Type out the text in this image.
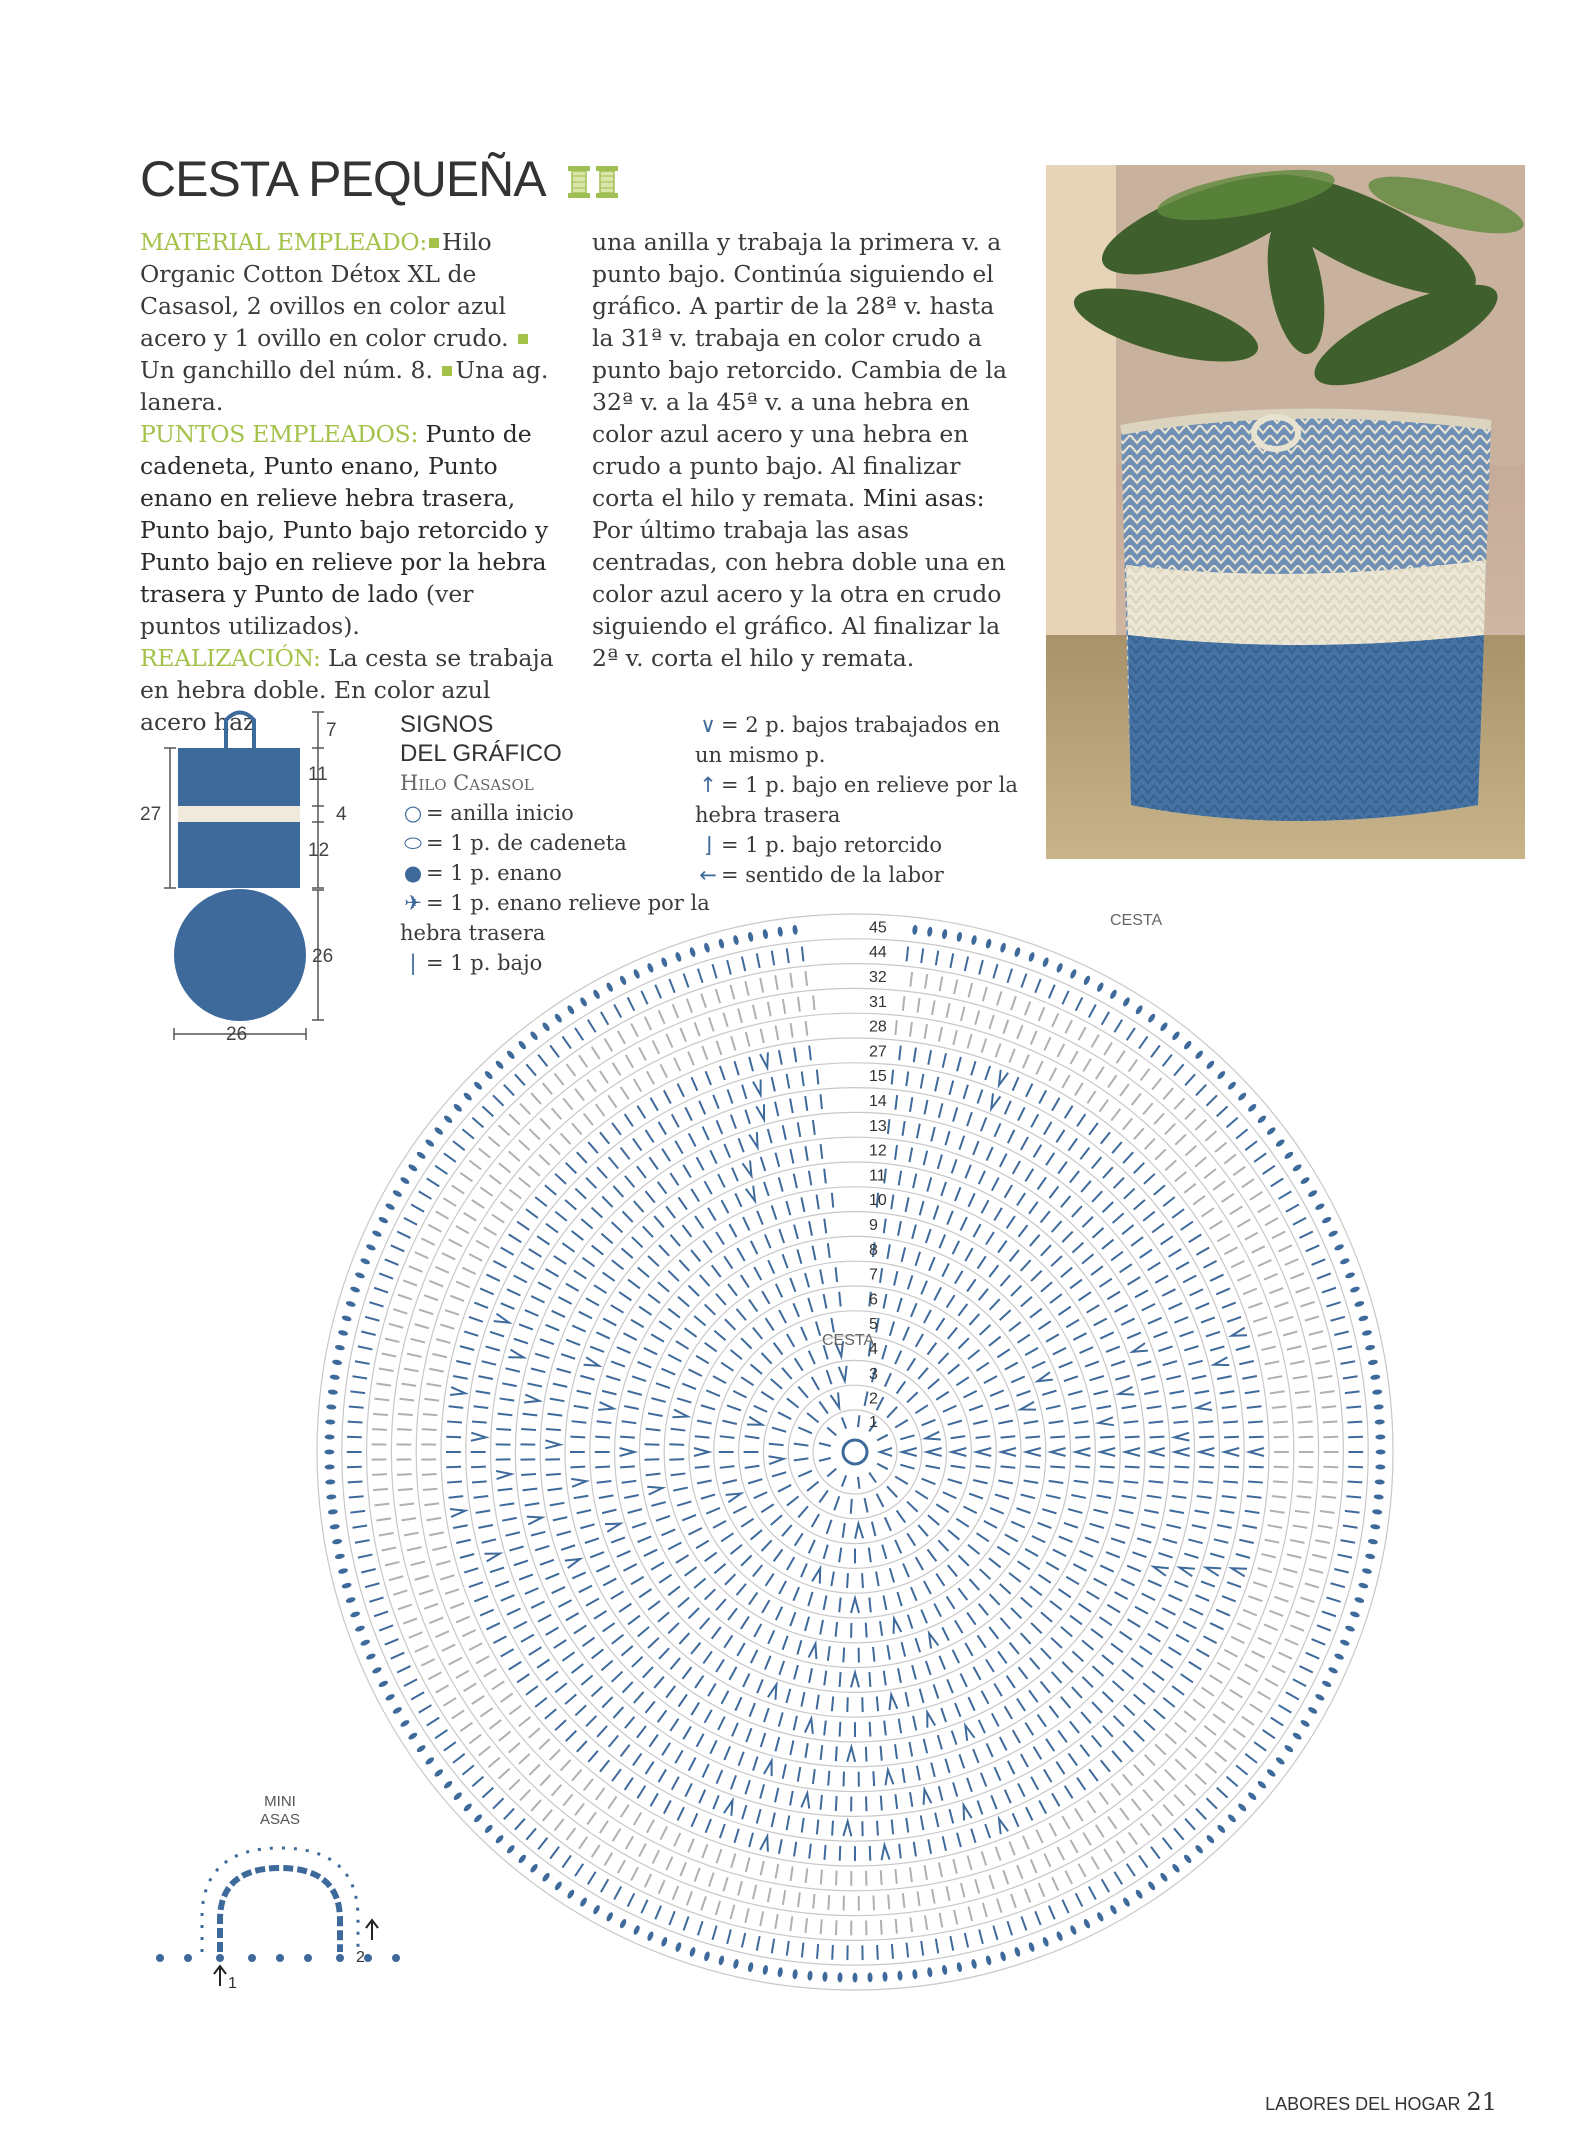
CESTA PEQUEÑA
MATERIAL EMPLEADO: Hilo Organic Cotton Détox XL de Casasol, 2 ovillos en color azul acero y 1 ovillo en color crudo. Un ganchillo del núm. 8. Una ag. lanera.
PUNTOS EMPLEADOS: Punto de cadeneta, Punto enano, Punto enano en relieve hebra trasera, Punto bajo, Punto bajo retorcido y Punto bajo en relieve por la hebra trasera y Punto de lado (ver puntos utilizados).
REALIZACIÓN: La cesta se trabaja en hebra doble. En color azul acero haz
una anilla y trabaja la primera v. a punto bajo. Continúa siguiendo el gráfico. A partir de la 28ª v. hasta la 31ª v. trabaja en color crudo a punto bajo retorcido. Cambia de la 32ª v. a la 45ª v. a una hebra en color azul acero y una hebra en crudo a punto bajo. Al finalizar corta el hilo y remata. Mini asas: Por último trabaja las asas centradas, con hebra doble una en color azul acero y la otra en crudo siguiendo el gráfico. Al finalizar la 2ª v. corta el hilo y remata.
7
11
4
12
27
26
26
SIGNOS
DEL GRÁFICO
Hilo Casasol
○ = anilla inicio
⬭ = 1 p. de cadeneta
● = 1 p. enano
✈ = 1 p. enano relieve por la hebra trasera
| = 1 p. bajo
∨ = 2 p. bajos trabajados en un mismo p.
↑ = 1 p. bajo en relieve por la hebra trasera
⌋ = 1 p. bajo retorcido
← = sentido de la labor
45
44
32
31
28
27
15
14
13
12
11
10
9
8
7
6
5
4
3
2
1
CESTA
CESTA
MINI
ASAS
1
2
LABORES DEL HOGAR 21
